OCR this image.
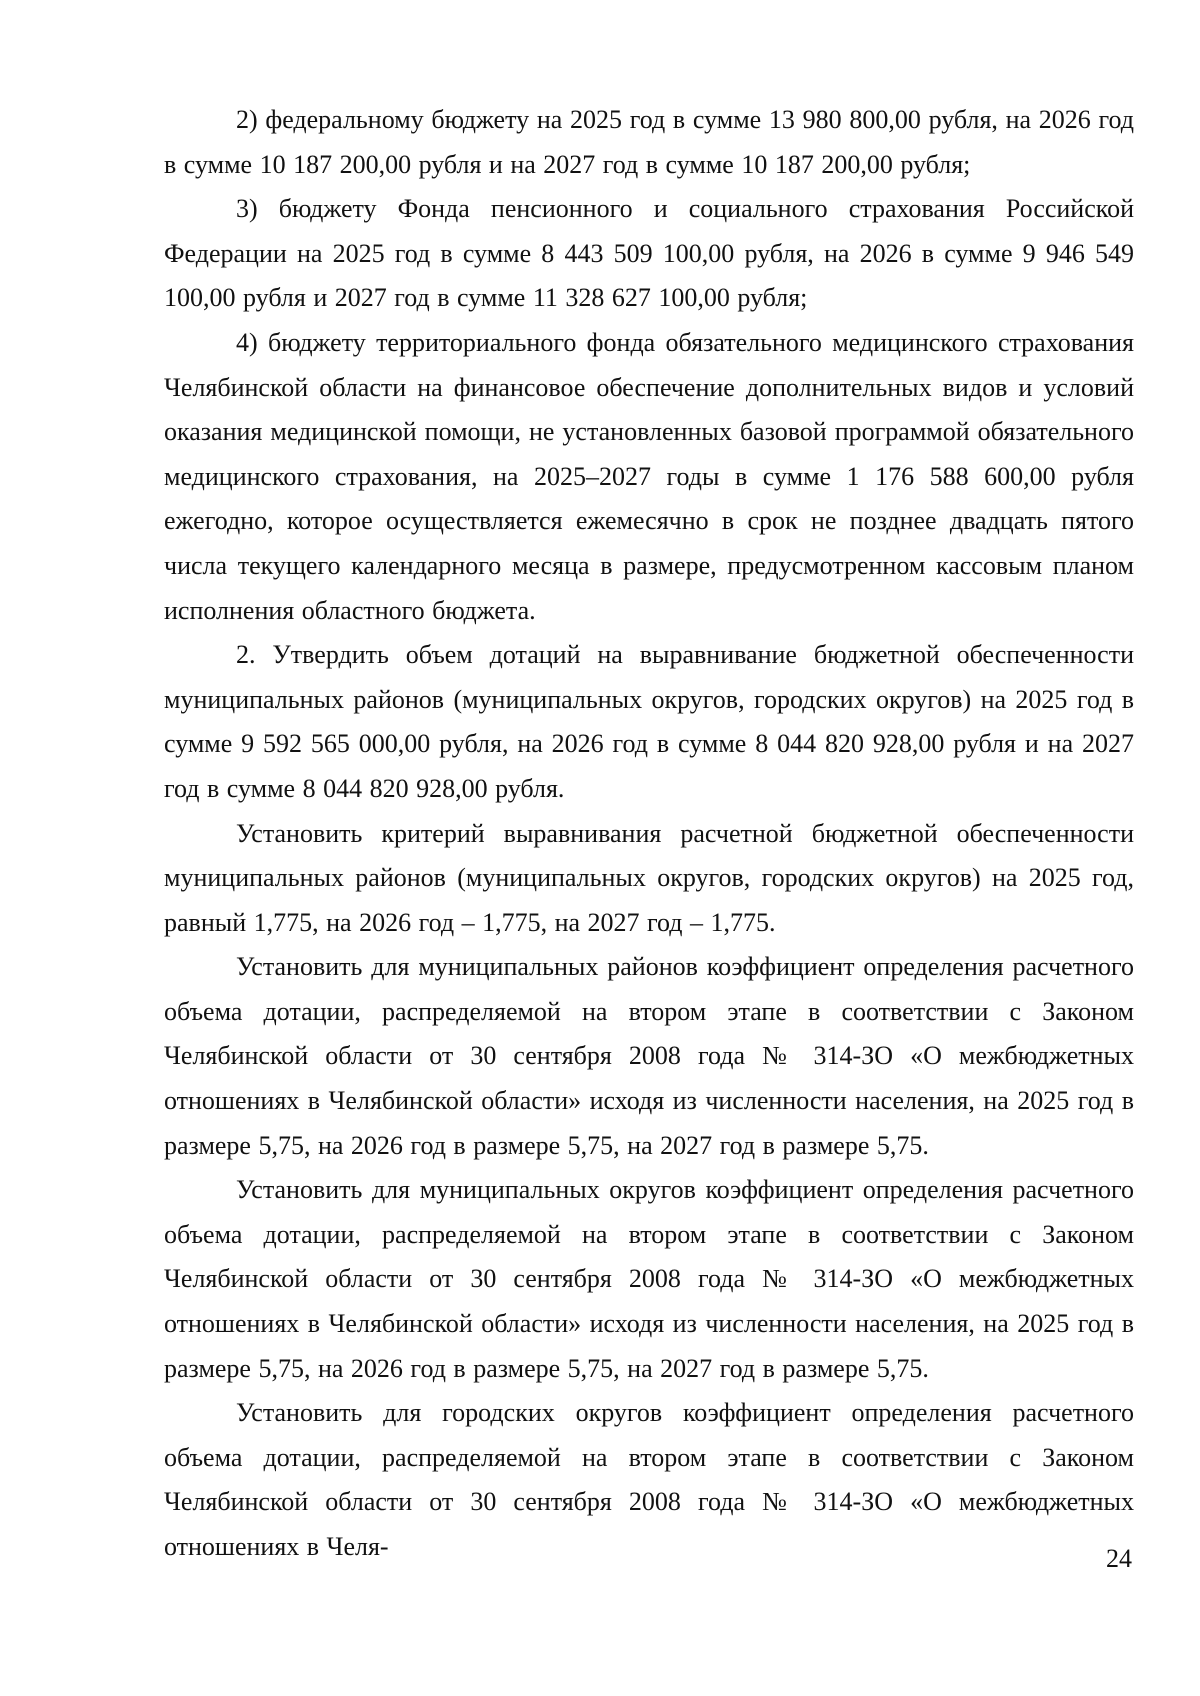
2) федеральному бюджету на 2025 год в сумме 13 980 800,00 рубля, на 2026 год в сумме 10 187 200,00 рубля и на 2027 год в сумме 10 187 200,00 рубля;

3) бюджету Фонда пенсионного и социального страхования Российской Федерации на 2025 год в сумме 8 443 509 100,00 рубля, на 2026 в сумме 9 946 549 100,00 рубля и 2027 год в сумме 11 328 627 100,00 рубля;

4) бюджету территориального фонда обязательного медицинского страхования Челябинской области на финансовое обеспечение дополнительных видов и условий оказания медицинской помощи, не установленных базовой программой обязательного медицинского страхования, на 2025–2027 годы в сумме 1 176 588 600,00 рубля ежегодно, которое осуществляется ежемесячно в срок не позднее двадцать пятого числа текущего календарного месяца в размере, предусмотренном кассовым планом исполнения областного бюджета.

2. Утвердить объем дотаций на выравнивание бюджетной обеспеченности муниципальных районов (муниципальных округов, городских округов) на 2025 год в сумме 9 592 565 000,00 рубля, на 2026 год в сумме 8 044 820 928,00 рубля и на 2027 год в сумме 8 044 820 928,00 рубля.

Установить критерий выравнивания расчетной бюджетной обеспеченности муниципальных районов (муниципальных округов, городских округов) на 2025 год, равный 1,775, на 2026 год – 1,775, на 2027 год – 1,775.

Установить для муниципальных районов коэффициент определения расчетного объема дотации, распределяемой на втором этапе в соответствии с Законом Челябинской области от 30 сентября 2008 года № 314-ЗО «О межбюджетных отношениях в Челябинской области» исходя из численности населения, на 2025 год в размере 5,75, на 2026 год в размере 5,75, на 2027 год в размере 5,75.

Установить для муниципальных округов коэффициент определения расчетного объема дотации, распределяемой на втором этапе в соответствии с Законом Челябинской области от 30 сентября 2008 года № 314-ЗО «О межбюджетных отношениях в Челябинской области» исходя из численности населения, на 2025 год в размере 5,75, на 2026 год в размере 5,75, на 2027 год в размере 5,75.

Установить для городских округов коэффициент определения расчетного объема дотации, распределяемой на втором этапе в соответствии с Законом Челябинской области от 30 сентября 2008 года № 314-ЗО «О межбюджетных отношениях в Челя-	24
